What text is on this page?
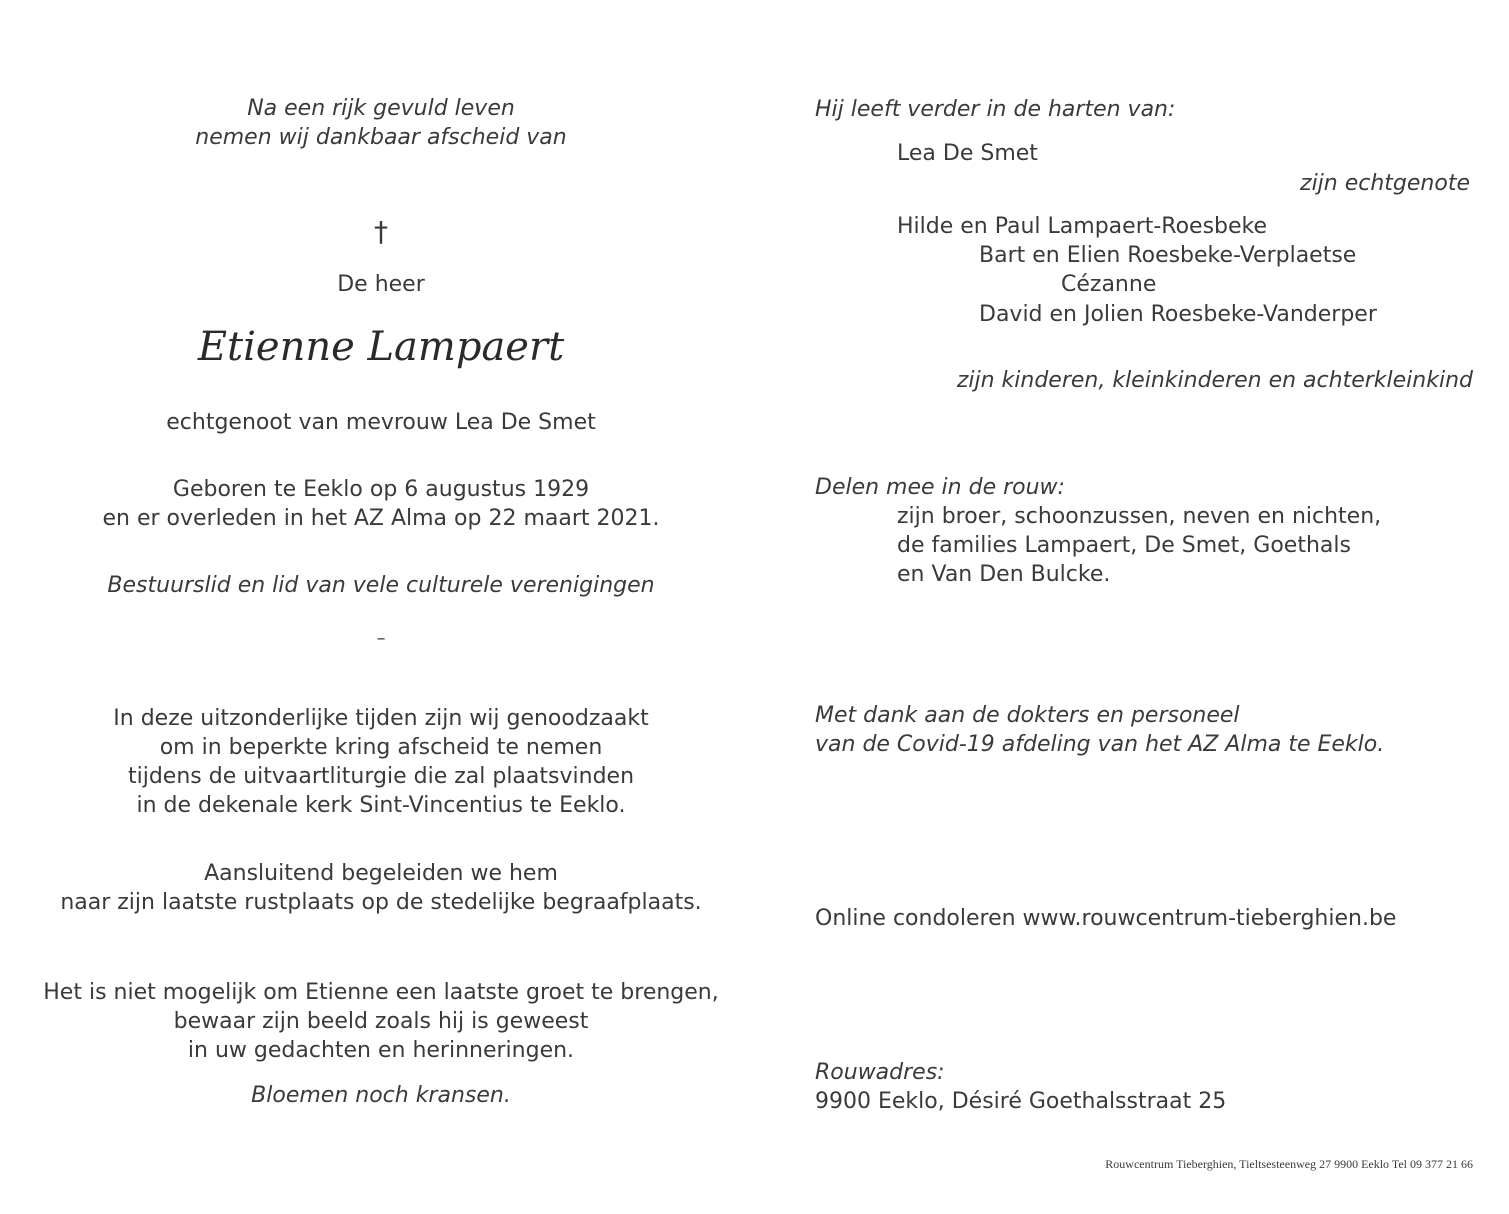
Na een rijk gevuld leven
nemen wij dankbaar afscheid van
†
De heer
Etienne Lampaert
echtgenoot van mevrouw Lea De Smet
Geboren te Eeklo op 6 augustus 1929
en er overleden in het AZ Alma op 22 maart 2021.
Bestuurslid en lid van vele culturele verenigingen
–
In deze uitzonderlijke tijden zijn wij genoodzaakt
om in beperkte kring afscheid te nemen
tijdens de uitvaartliturgie die zal plaatsvinden
in de dekenale kerk Sint-Vincentius te Eeklo.
Aansluitend begeleiden we hem
naar zijn laatste rustplaats op de stedelijke begraafplaats.
Het is niet mogelijk om Etienne een laatste groet te brengen,
bewaar zijn beeld zoals hij is geweest
in uw gedachten en herinneringen.
Bloemen noch kransen.
Hij leeft verder in de harten van:
Lea De Smet
zijn echtgenote
Hilde en Paul Lampaert-Roesbeke
Bart en Elien Roesbeke-Verplaetse
Cézanne
David en Jolien Roesbeke-Vanderper
zijn kinderen, kleinkinderen en achterkleinkind
Delen mee in de rouw:
zijn broer, schoonzussen, neven en nichten,
de families Lampaert, De Smet, Goethals
en Van Den Bulcke.
Met dank aan de dokters en personeel
van de Covid-19 afdeling van het AZ Alma te Eeklo.
Online condoleren www.rouwcentrum-tieberghien.be
Rouwadres:
9900 Eeklo, Désiré Goethalsstraat 25
Rouwcentrum Tieberghien, Tieltsesteenweg 27 9900 Eeklo Tel 09 377 21 66
